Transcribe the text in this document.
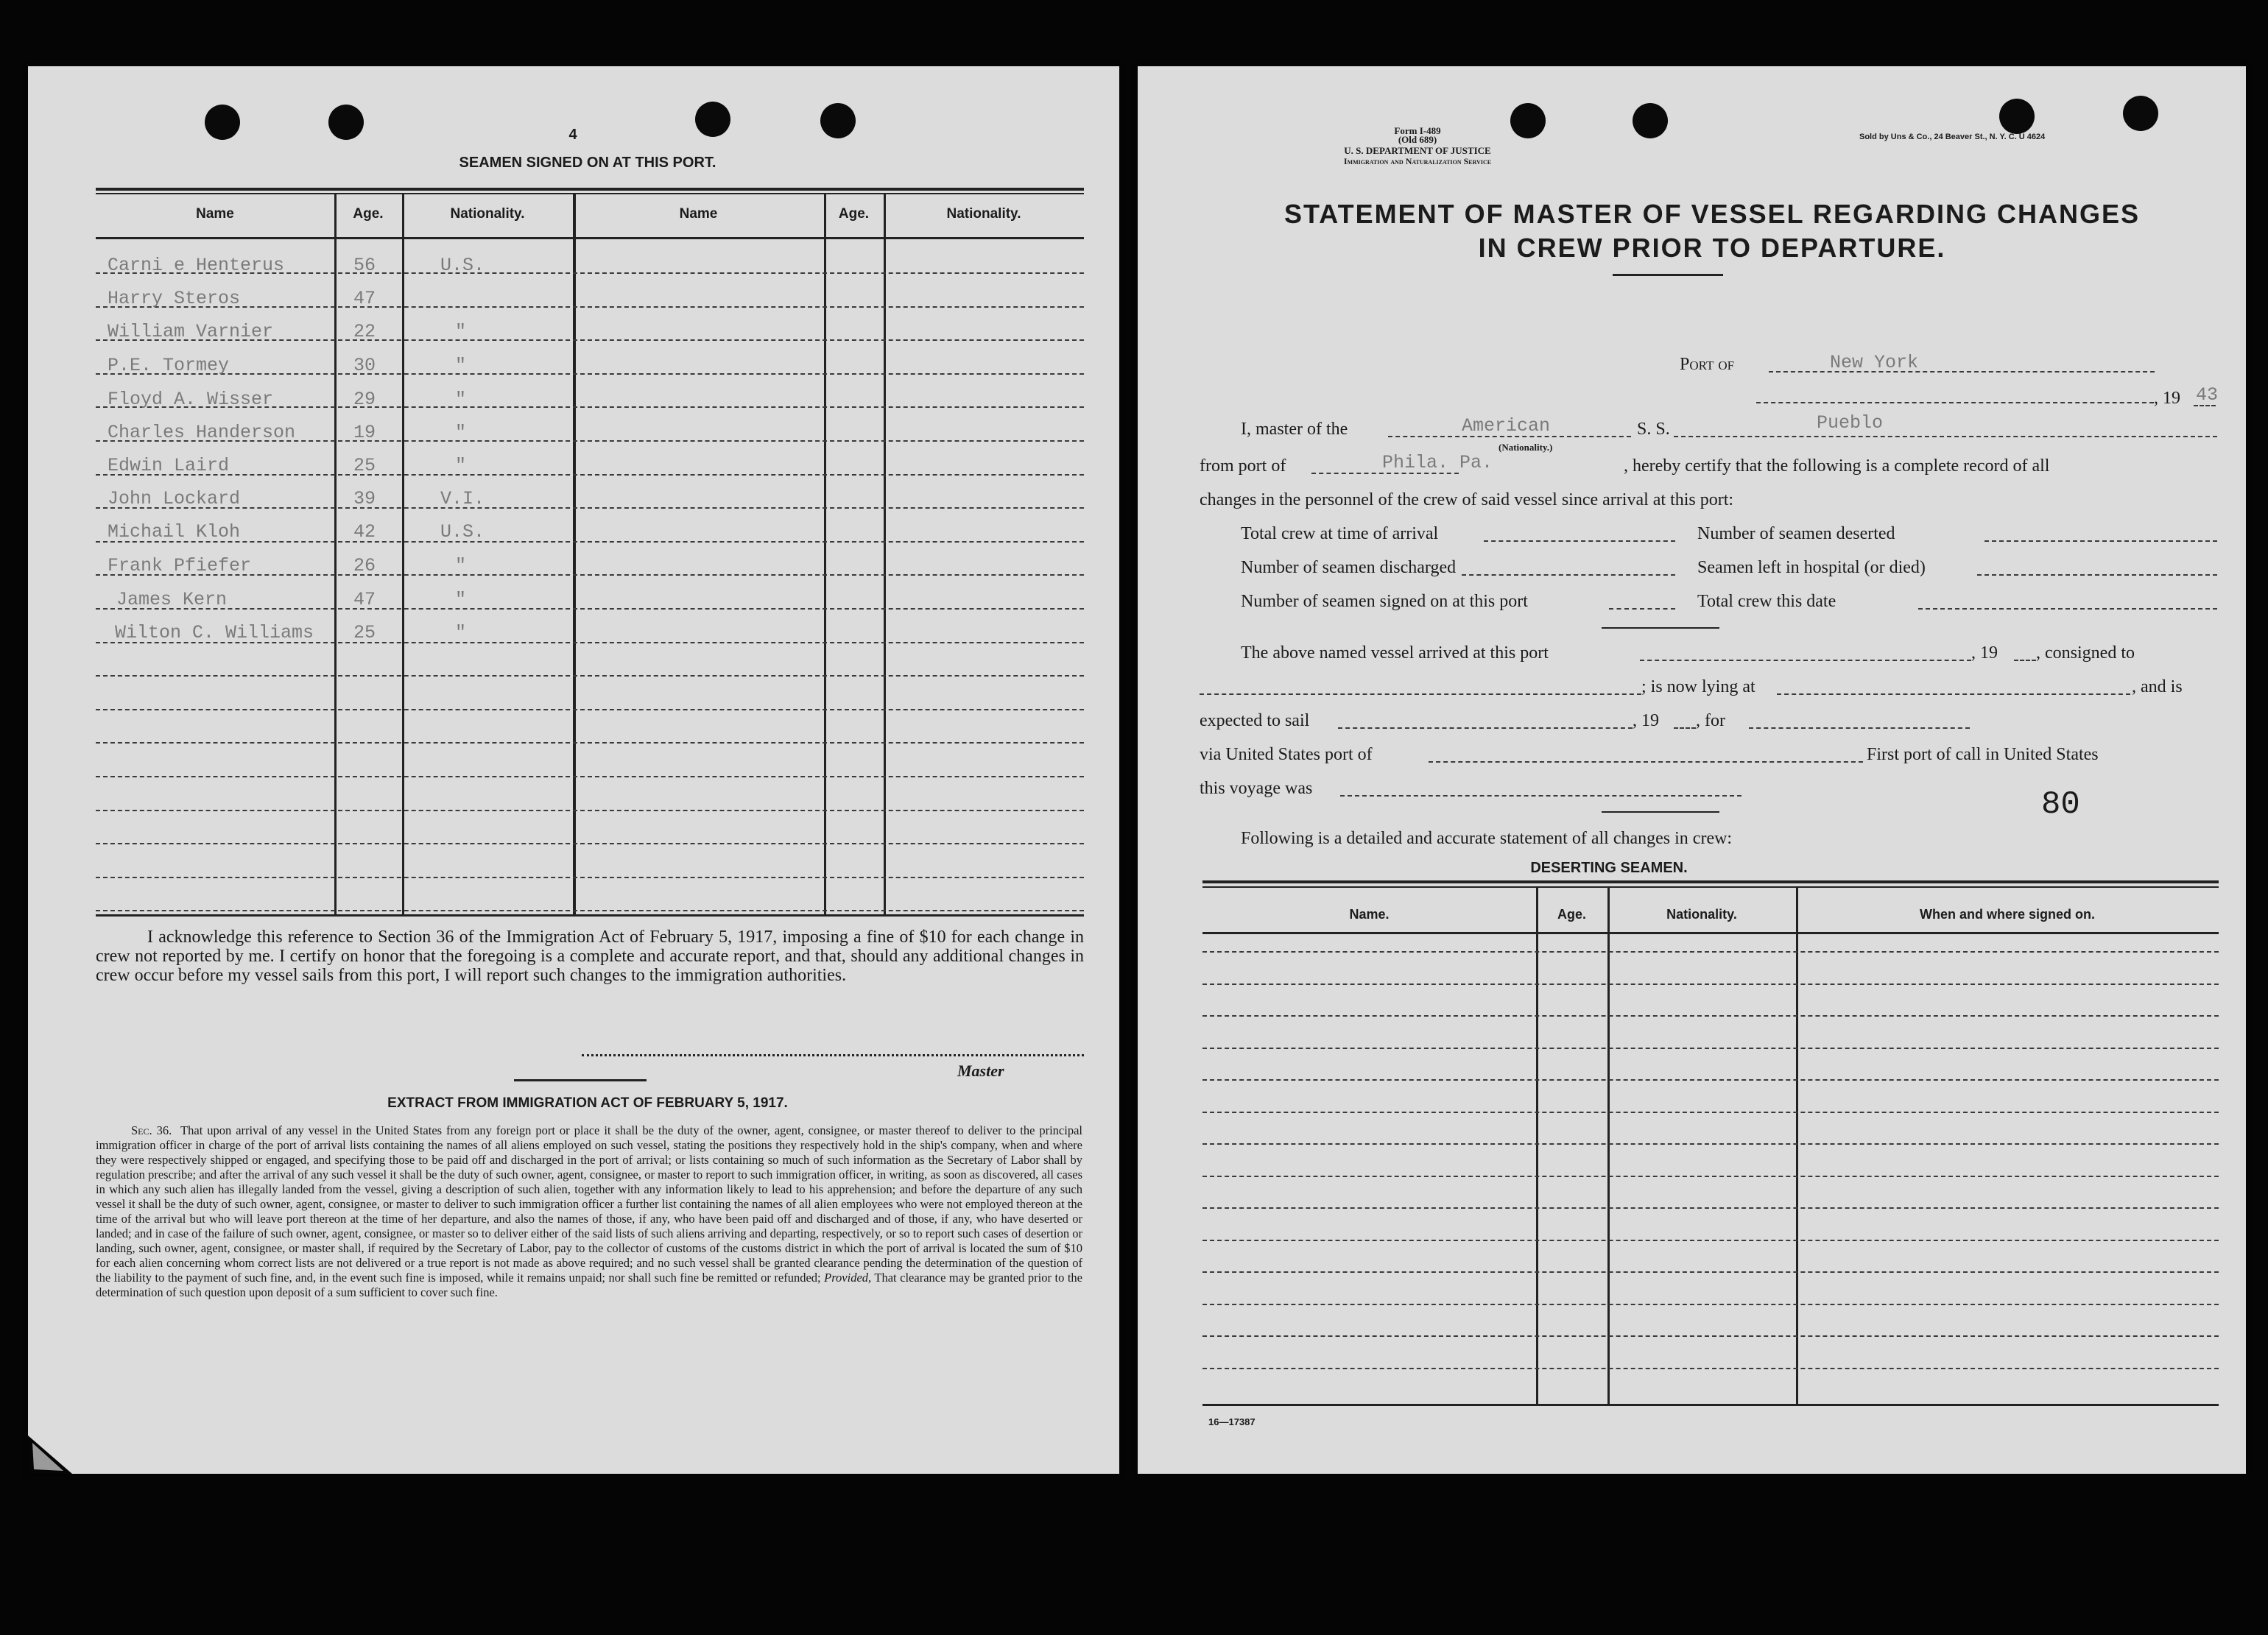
4
SEAMEN SIGNED ON AT THIS PORT.
Name	Age.	Nationality.	Name	Age.	Nationality.
Carni e Henterus	56	U.S.
Harry Steros	47
William Varnier	22	"
P.E. Tormey	30	"
Floyd A. Wisser	29	"
Charles Handerson	19	"
Edwin Laird	25	"
John Lockard	39	V.I.
Michail Kloh	42	U.S.
Frank Pfiefer	26	"
James Kern	47	"
Wilton C. Williams 25	"
I acknowledge this reference to Section 36 of the Immigration Act of February 5, 1917, imposing a fine of $10 for each change in crew not reported by me. I certify on honor that the foregoing is a complete and accurate report, and that, should any additional changes in crew occur before my vessel sails from this port, I will report such changes to the immigration authorities.
Master
EXTRACT FROM IMMIGRATION ACT OF FEBRUARY 5, 1917.
Sec. 36. That upon arrival of any vessel in the United States from any foreign port or place it shall be the duty of the owner, agent, consignee, or master thereof to deliver to the principal immigration officer in charge of the port of arrival lists containing the names of all aliens employed on such vessel, stating the positions they respectively hold in the ship's company, when and where they were respectively shipped or engaged, and specifying those to be paid off and discharged in the port of arrival; or lists containing so much of such information as the Secretary of Labor shall by regulation prescribe; and after the arrival of any such vessel it shall be the duty of such owner, agent, consignee, or master to report to such immigration officer, in writing, as soon as discovered, all cases in which any such alien has illegally landed from the vessel, giving a description of such alien, together with any information likely to lead to his apprehension; and before the departure of any such vessel it shall be the duty of such owner, agent, consignee, or master to deliver to such immigration officer a further list containing the names of all alien employees who were not employed thereon at the time of the arrival but who will leave port thereon at the time of her departure, and also the names of those, if any, who have been paid off and discharged and of those, if any, who have deserted or landed; and in case of the failure of such owner, agent, consignee, or master so to deliver either of the said lists of such aliens arriving and departing, respectively, or so to report such cases of desertion or landing, such owner, agent, consignee, or master shall, if required by the Secretary of Labor, pay to the collector of customs of the customs district in which the port of arrival is located the sum of $10 for each alien concerning whom correct lists are not delivered or a true report is not made as above required; and no such vessel shall be granted clearance pending the determination of the question of the liability to the payment of such fine, and, in the event such fine is imposed, while it remains unpaid; nor shall such fine be remitted or refunded; Provided, That clearance may be granted prior to the determination of such question upon deposit of a sum sufficient to cover such fine.
Form I-489
(Old 689)
U. S. DEPARTMENT OF JUSTICE
Immigration and Naturalization Service
Sold by Uns & Co., 24 Beaver St., N. Y. C. U 4624
STATEMENT OF MASTER OF VESSEL REGARDING CHANGES
IN CREW PRIOR TO DEPARTURE.
Port of	New York
, 19 43
I, master of the	American
(Nationality.)
S. S.	Pueblo
from port of	Phila. Pa.	, hereby certify that the following is a complete record of all
changes in the personnel of the crew of said vessel since arrival at this port:
Total crew at time of arrival	Number of seamen deserted
Number of seamen discharged	Seamen left in hospital (or died)
Number of seamen signed on at this port	Total crew this date
The above named vessel arrived at this port	, 19 , consigned to
; is now lying at	, and is
expected to sail	, 19 , for
via United States port of	First port of call in United States
this voyage was	80
Following is a detailed and accurate statement of all changes in crew:
DESERTING SEAMEN.
Name.	Age.	Nationality.	When and where signed on.
16—17387
